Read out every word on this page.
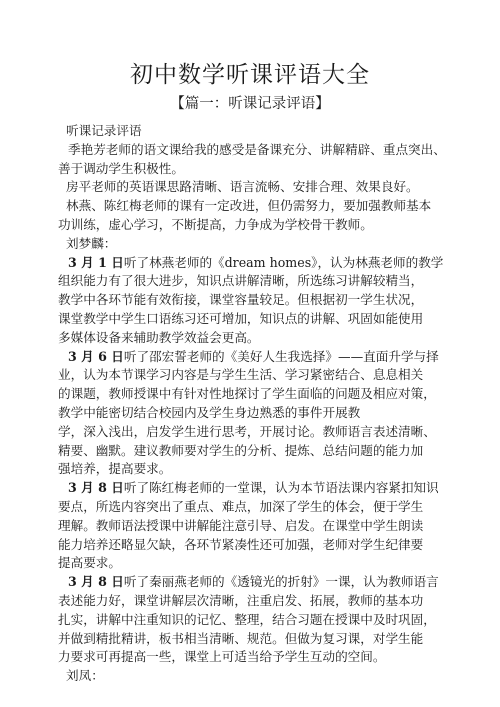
初中数学听课评语大全
【篇一：听课记录评语】
听课记录评语
季艳芳老师的语文课给我的感受是备课充分、讲解精辟、重点突出、
善于调动学生积极性。
房平老师的英语课思路清晰、语言流畅、安排合理、效果良好。
林燕、陈红梅老师的课有一定改进，但仍需努力，要加强教师基本
功训练，虚心学习，不断提高，力争成为学校骨干教师。
刘梦麟：
3 月 1 日听了林燕老师的《dream homes》，认为林燕老师的教学
组织能力有了很大进步，知识点讲解清晰，所选练习讲解较精当，
教学中各环节能有效衔接，课堂容量较足。但根据初一学生状况，
课堂教学中学生口语练习还可增加，知识点的讲解、巩固如能使用
多媒体设备来辅助教学效益会更高。
3 月 6 日听了邵宏誓老师的《美好人生我选择》——直面升学与择
业，认为本节课学习内容是与学生生活、学习紧密结合、息息相关
的课题，教师授课中有针对性地探讨了学生面临的问题及相应对策，
教学中能密切结合校园内及学生身边熟悉的事件开展教
学，深入浅出，启发学生进行思考，开展讨论。教师语言表述清晰、
精要、幽默。建议教师要对学生的分析、提炼、总结问题的能力加
强培养，提高要求。
3 月 8 日听了陈红梅老师的一堂课，认为本节语法课内容紧扣知识
要点，所选内容突出了重点、难点，加深了学生的体会，便于学生
理解。教师语法授课中讲解能注意引导、启发。在课堂中学生朗读
能力培养还略显欠缺，各环节紧凑性还可加强，老师对学生纪律要
提高要求。
3 月 8 日听了秦丽燕老师的《透镜光的折射》一课，认为教师语言
表述能力好，课堂讲解层次清晰，注重启发、拓展，教师的基本功
扎实，讲解中注重知识的记忆、整理，结合习题在授课中及时巩固，
并做到精批精讲，板书相当清晰、规范。但做为复习课，对学生能
力要求可再提高一些，课堂上可适当给予学生互动的空间。
刘凤：
